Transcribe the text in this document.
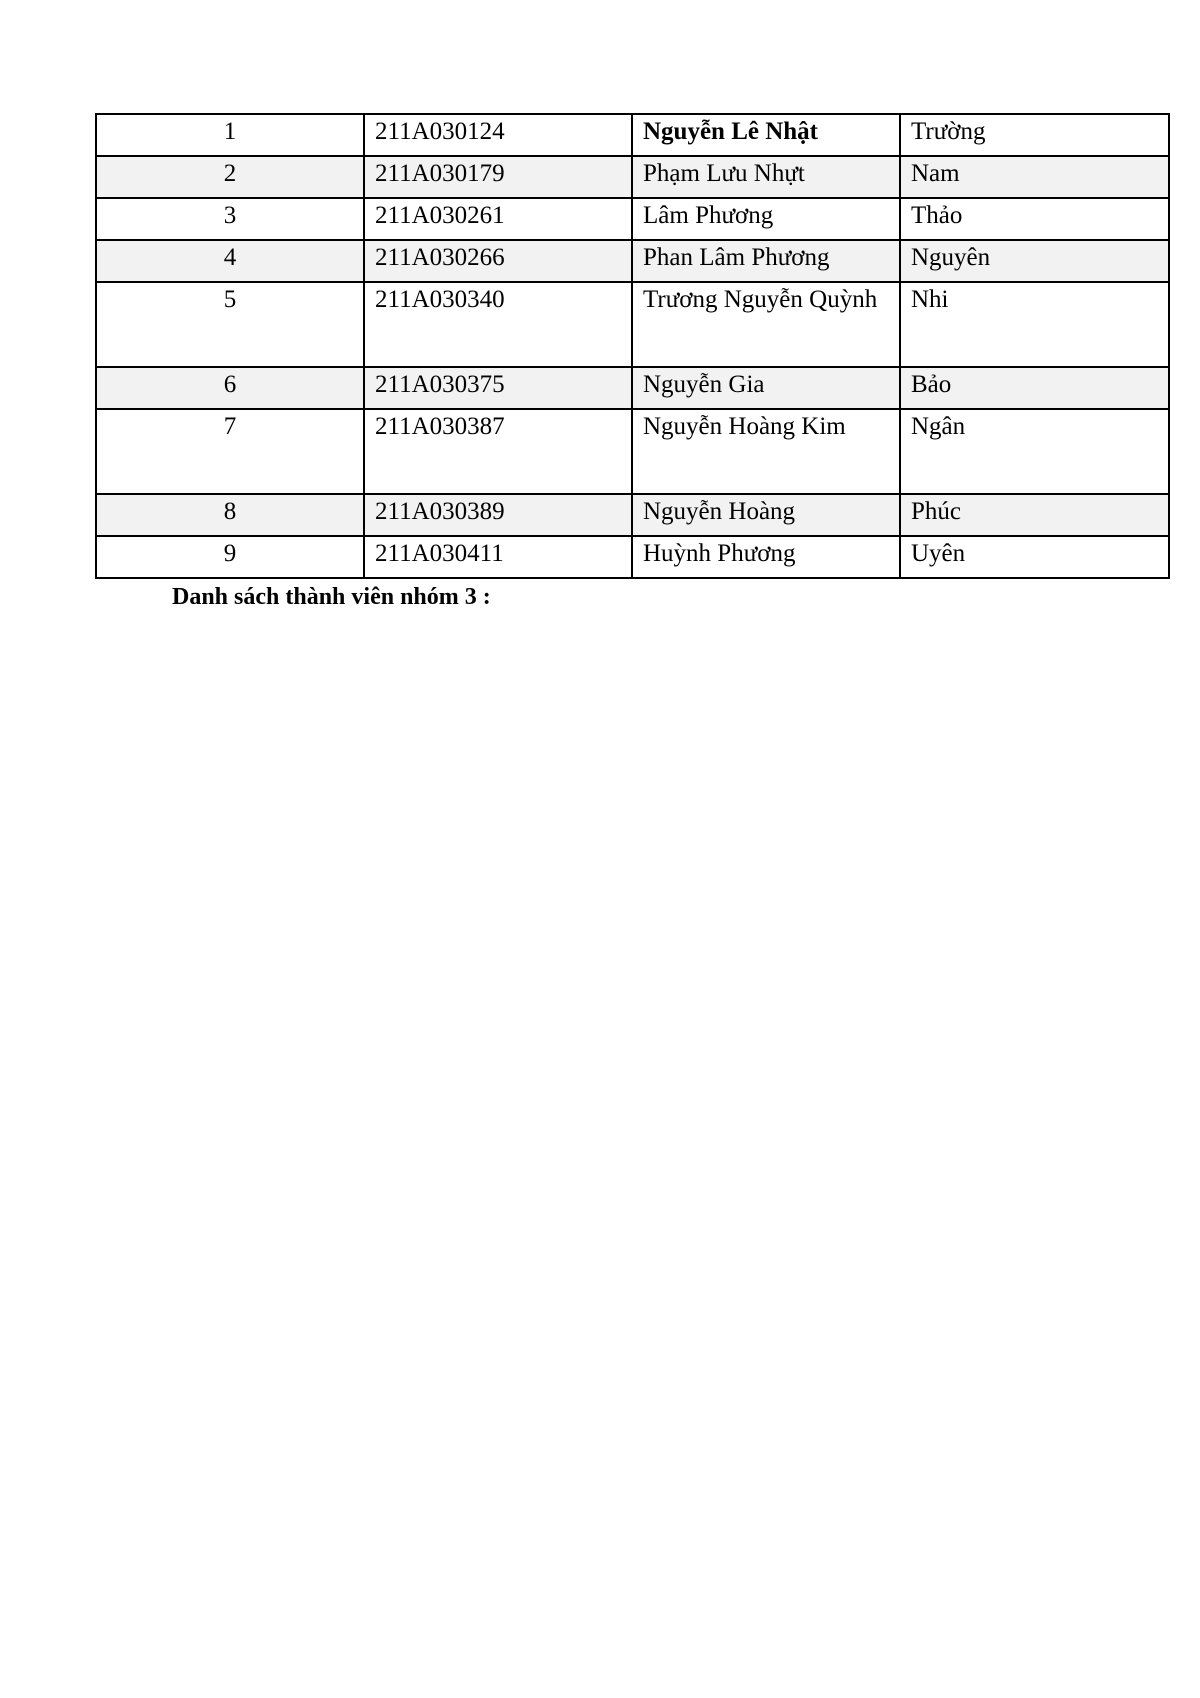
1	211A030124	Nguyễn Lê Nhật	Trường
2	211A030179	Phạm Lưu Nhựt	Nam
3	211A030261	Lâm Phương	Thảo
4	211A030266	Phan Lâm Phương	Nguyên
5	211A030340	Trương Nguyễn Quỳnh	Nhi
6	211A030375	Nguyễn Gia	Bảo
7	211A030387	Nguyễn Hoàng Kim	Ngân
8	211A030389	Nguyễn Hoàng	Phúc
9	211A030411	Huỳnh Phương	Uyên
Danh sách thành viên nhóm 3 :
